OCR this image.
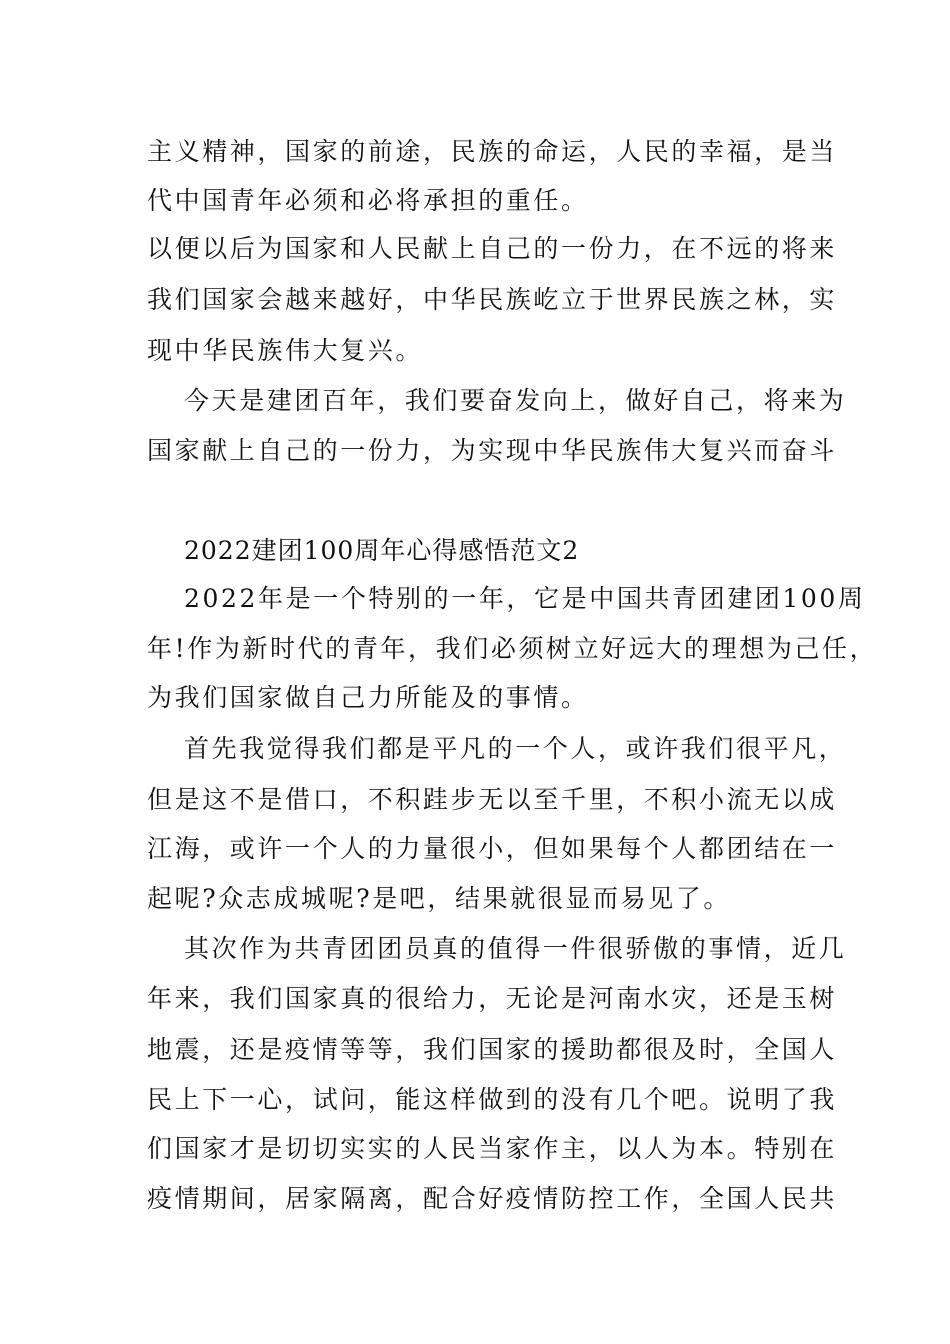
主义精神，国家的前途，民族的命运，人民的幸福，是当
代中国青年必须和必将承担的重任。
以便以后为国家和人民献上自己的一份力，在不远的将来
我们国家会越来越好，中华民族屹立于世界民族之林，实
现中华民族伟大复兴。
今天是建团百年，我们要奋发向上，做好自己，将来为
国家献上自己的一份力，为实现中华民族伟大复兴而奋斗
2022建团100周年心得感悟范文2
2022年是一个特别的一年，它是中国共青团建团100周
年!作为新时代的青年，我们必须树立好远大的理想为己任，
为我们国家做自己力所能及的事情。
首先我觉得我们都是平凡的一个人，或许我们很平凡，
但是这不是借口，不积跬步无以至千里，不积小流无以成
江海，或许一个人的力量很小，但如果每个人都团结在一
起呢?众志成城呢?是吧，结果就很显而易见了。
其次作为共青团团员真的值得一件很骄傲的事情，近几
年来，我们国家真的很给力，无论是河南水灾，还是玉树
地震，还是疫情等等，我们国家的援助都很及时，全国人
民上下一心，试问，能这样做到的没有几个吧。说明了我
们国家才是切切实实的人民当家作主，以人为本。特别在
疫情期间，居家隔离，配合好疫情防控工作，全国人民共
